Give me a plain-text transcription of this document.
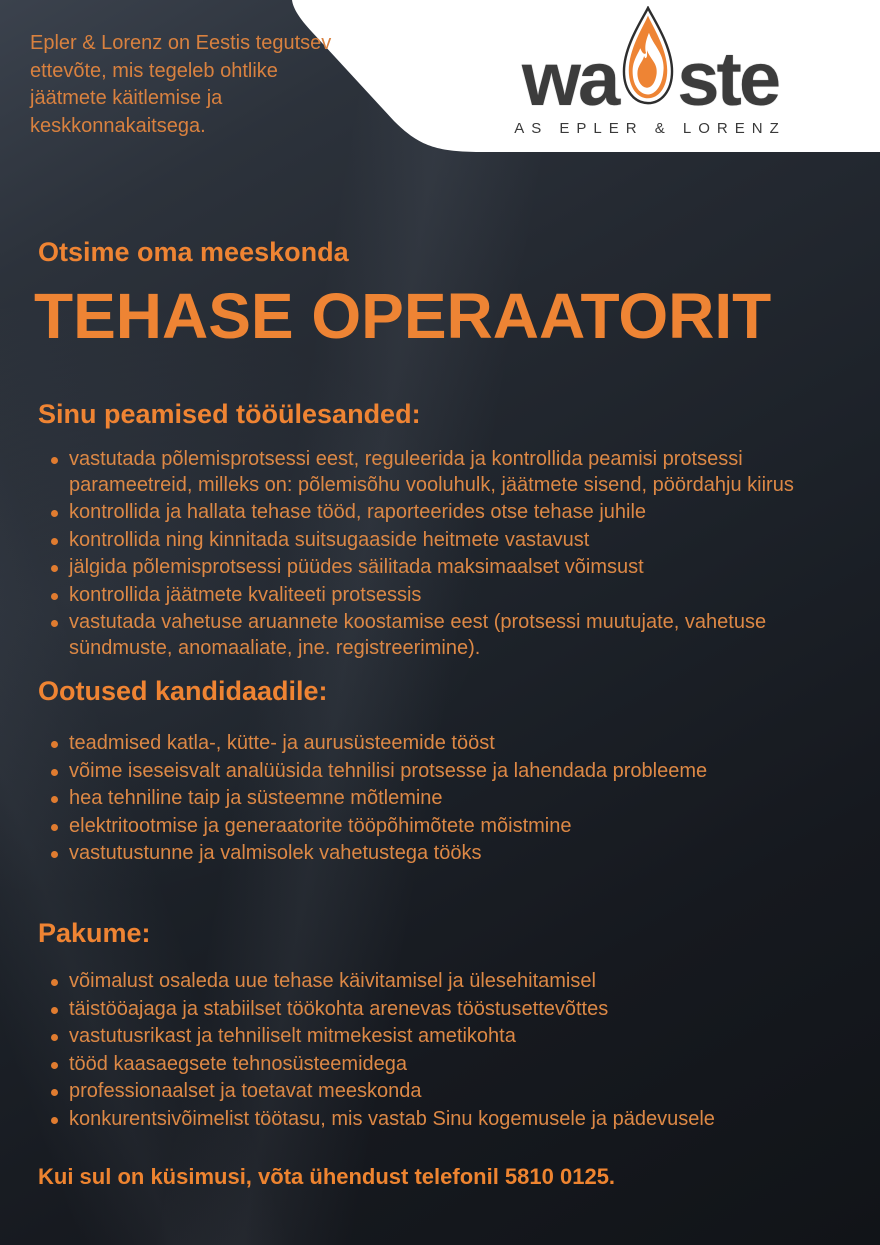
Epler & Lorenz on Eestis tegutsev ettevõte, mis tegeleb ohtlike jäätmete käitlemise ja keskkonnakaitsega.
wa ste
AS EPLER & LORENZ
Otsime oma meeskonda
TEHASE OPERAATORIT
Sinu peamised tööülesanded:
vastutada põlemisprotsessi eest, reguleerida ja kontrollida peamisi protsessi parameetreid, milleks on: põlemisõhu vooluhulk, jäätmete sisend, pöördahju kiirus
kontrollida ja hallata tehase tööd, raporteerides otse tehase juhile
kontrollida ning kinnitada suitsugaaside heitmete vastavust
jälgida põlemisprotsessi püüdes säilitada maksimaalset võimsust
kontrollida jäätmete kvaliteeti protsessis
vastutada vahetuse aruannete koostamise eest (protsessi muutujate, vahetuse sündmuste, anomaaliate, jne. registreerimine).
Ootused kandidaadile:
teadmised katla-, kütte- ja aurusüsteemide tööst
võime iseseisvalt analüüsida tehnilisi protsesse ja lahendada probleeme
hea tehniline taip ja süsteemne mõtlemine
elektritootmise ja generaatorite tööpõhimõtete mõistmine
vastutustunne ja valmisolek vahetustega tööks
Pakume:
võimalust osaleda uue tehase käivitamisel ja ülesehitamisel
täistööajaga ja stabiilset töökohta arenevas tööstusettevõttes
vastutusrikast ja tehniliselt mitmekesist ametikohta
tööd kaasaegsete tehnosüsteemidega
professionaalset ja toetavat meeskonda
konkurentsivõimelist töötasu, mis vastab Sinu kogemusele ja pädevusele
Kui sul on küsimusi, võta ühendust telefonil 5810 0125.
